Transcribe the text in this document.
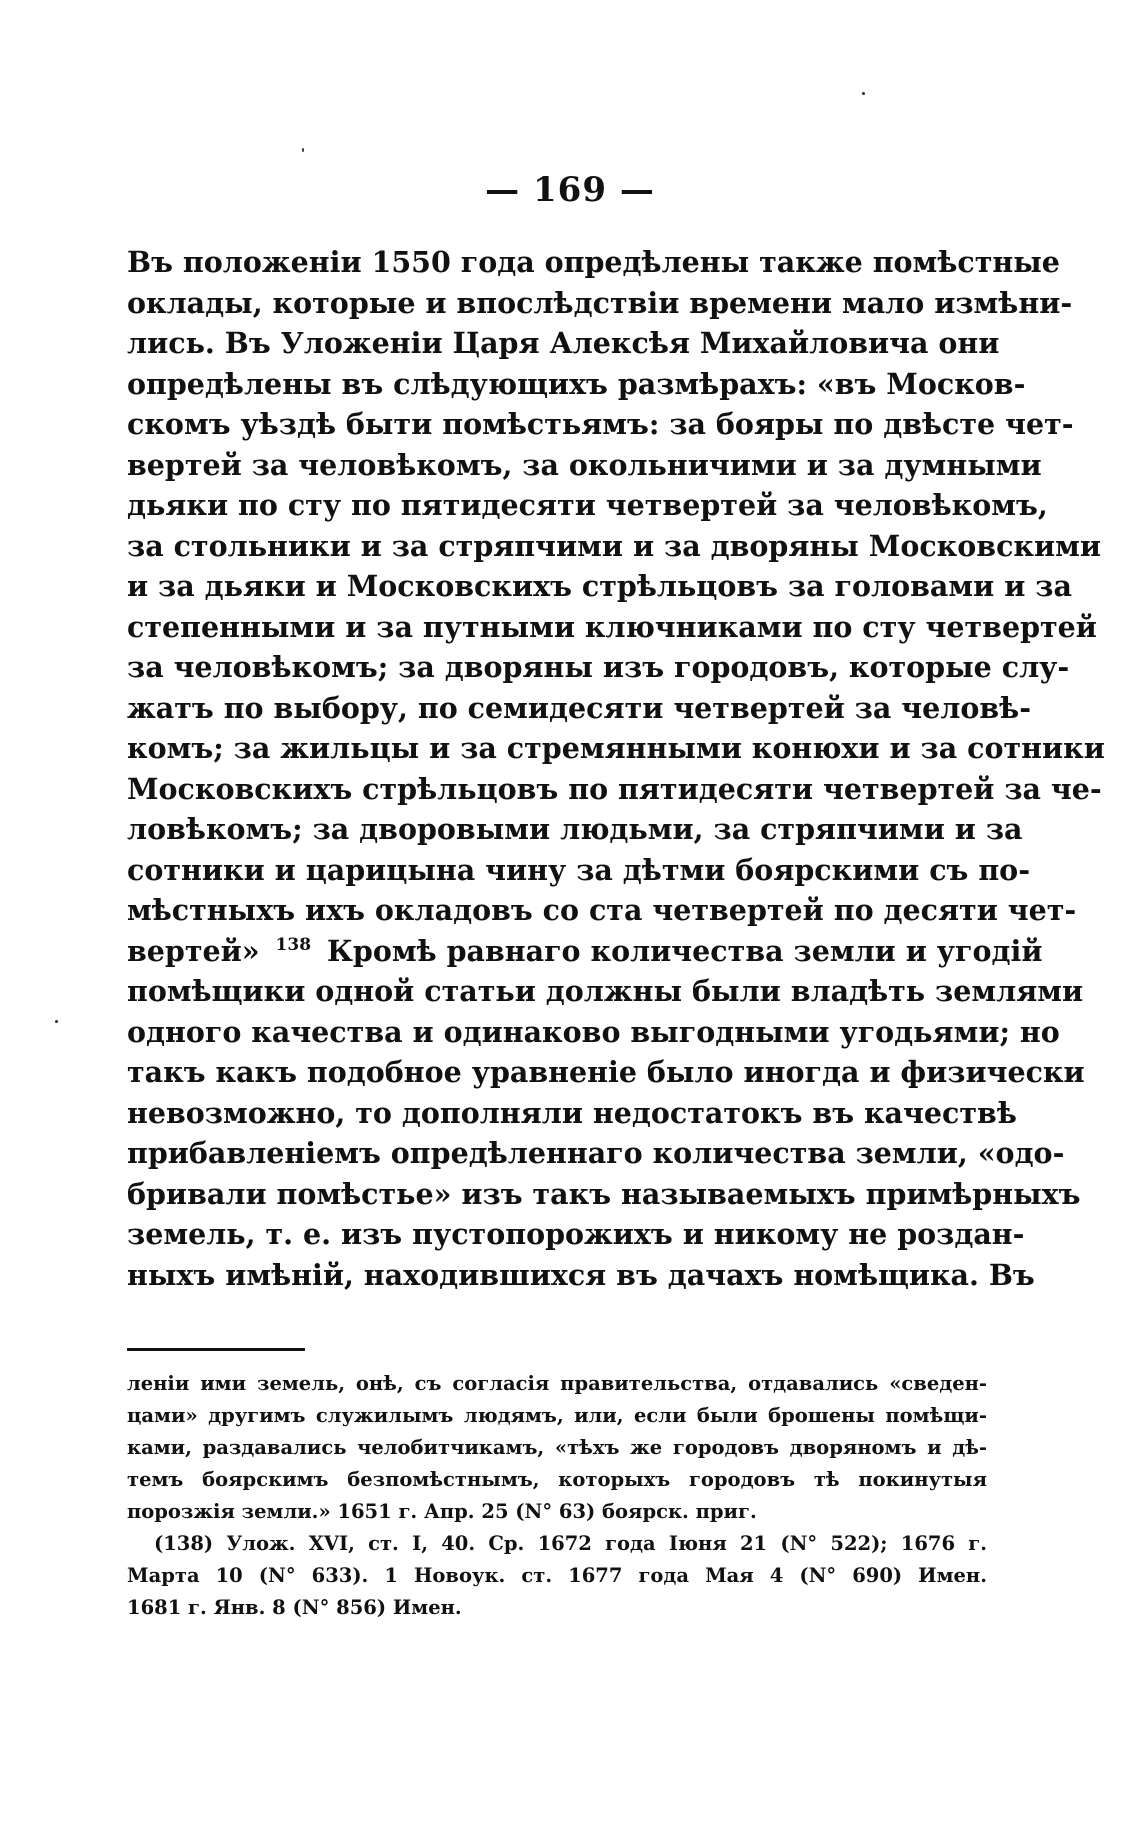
— 169 —
Въ положеніи 1550 года опредѣлены также помѣстные
оклады, которые и впослѣдствіи времени мало измѣни-
лись. Въ Уложеніи Царя Алексѣя Михайловича они
опредѣлены въ слѣдующихъ размѣрахъ: «въ Москов-
скомъ уѣздѣ быти помѣстьямъ: за бояры по двѣсте чет-
вертей за человѣкомъ, за окольничими и за думными
дьяки по сту по пятидесяти четвертей за человѣкомъ,
за стольники и за стряпчими и за дворяны Московскими
и за дьяки и Московскихъ стрѣльцовъ за головами и за
степенными и за путными ключниками по сту четвертей
за человѣкомъ; за дворяны изъ городовъ, которые слу-
жатъ по выбору, по семидесяти четвертей за человѣ-
комъ; за жильцы и за стремянными конюхи и за сотники
Московскихъ стрѣльцовъ по пятидесяти четвертей за че-
ловѣкомъ; за дворовыми людьми, за стряпчими и за
сотники и царицына чину за дѣтми боярскими съ по-
мѣстныхъ ихъ окладовъ со ста четвертей по десяти чет-
вертей» $^{138}$ Кромѣ равнаго количества земли и угодій
помѣщики одной статьи должны были владѣть землями
одного качества и одинаково выгодными угодьями; но
такъ какъ подобное уравненіе было иногда и физически
невозможно, то дополняли недостатокъ въ качествѣ
прибавленіемъ опредѣленнаго количества земли, «одо-
бривали помѣстье» изъ такъ называемыхъ примѣрныхъ
земель, т. е. изъ пустопорожихъ и никому не роздан-
ныхъ имѣній, находившихся въ дачахъ номѣщика. Въ
леніи ими земель, онѣ, съ согласія правительства, отдавались «сведен-
цами» другимъ служилымъ людямъ, или, если были брошены помѣщи-
ками, раздавались челобитчикамъ, «тѣхъ же городовъ дворяномъ и дѣ-
темъ боярскимъ безпомѣстнымъ, которыхъ городовъ тѣ покинутыя
порозжія земли.» 1651 г. Апр. 25 (N° 63) боярск. приг.
(138) Улож. XVI, ст. I, 40. Ср. 1672 года Іюня 21 (N° 522); 1676 г.
Марта 10 (N° 633). 1 Новоук. ст. 1677 года Мая 4 (N° 690) Имен.
1681 г. Янв. 8 (N° 856) Имен.
